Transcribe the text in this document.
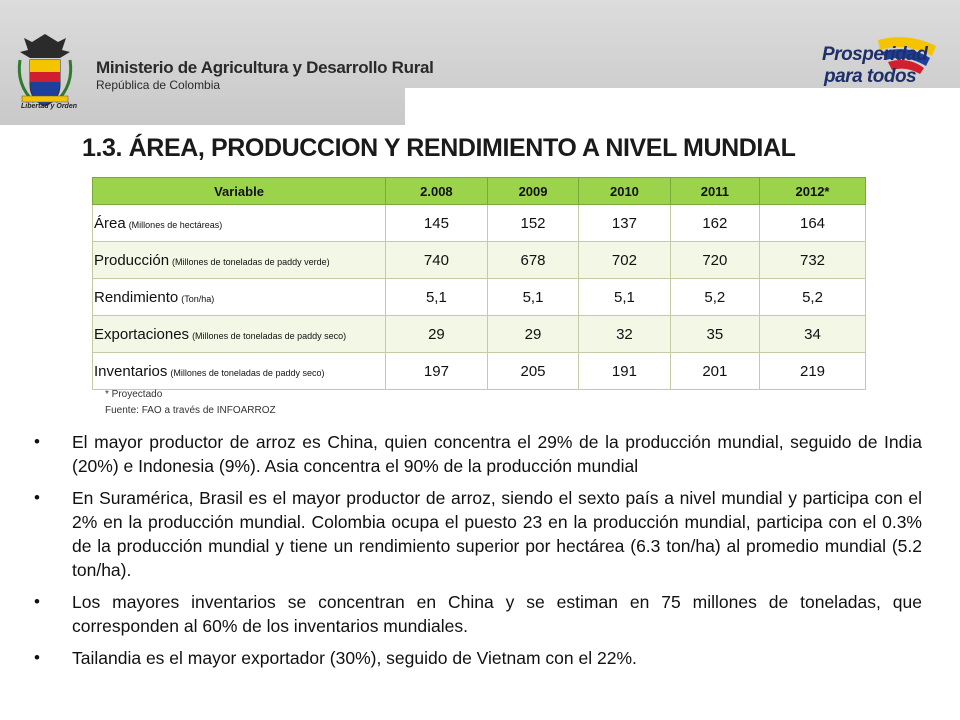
Libertad y Orden
Ministerio de Agricultura y Desarrollo Rural
República de Colombia
Prosperidad
para todos
1.3. ÁREA, PRODUCCION Y RENDIMIENTO A NIVEL MUNDIAL
Variable	2.008	2009	2010	2011	2012*
Área (Millones de hectáreas)	145	152	137	162	164
Producción (Millones de toneladas de paddy verde)	740	678	702	720	732
Rendimiento (Ton/ha)	5,1	5,1	5,1	5,2	5,2
Exportaciones (Millones de toneladas de paddy seco)	29	29	32	35	34
Inventarios (Millones de toneladas de paddy seco)	197	205	191	201	219
* Proyectado
Fuente: FAO a través de INFOARROZ
• El mayor productor de arroz es China, quien concentra el 29% de la producción mundial, seguido de India (20%) e Indonesia (9%). Asia concentra el 90% de la producción mundial
• En Suramérica, Brasil es el mayor productor de arroz, siendo el sexto país a nivel mundial y participa con el 2% en la producción mundial. Colombia ocupa el puesto 23 en la producción mundial, participa con el 0.3% de la producción mundial y tiene un rendimiento superior por hectárea (6.3 ton/ha) al promedio mundial (5.2 ton/ha).
• Los mayores inventarios se concentran en China y se estiman en 75 millones de toneladas, que corresponden al 60% de los inventarios mundiales.
• Tailandia es el mayor exportador (30%), seguido de Vietnam con el 22%.
